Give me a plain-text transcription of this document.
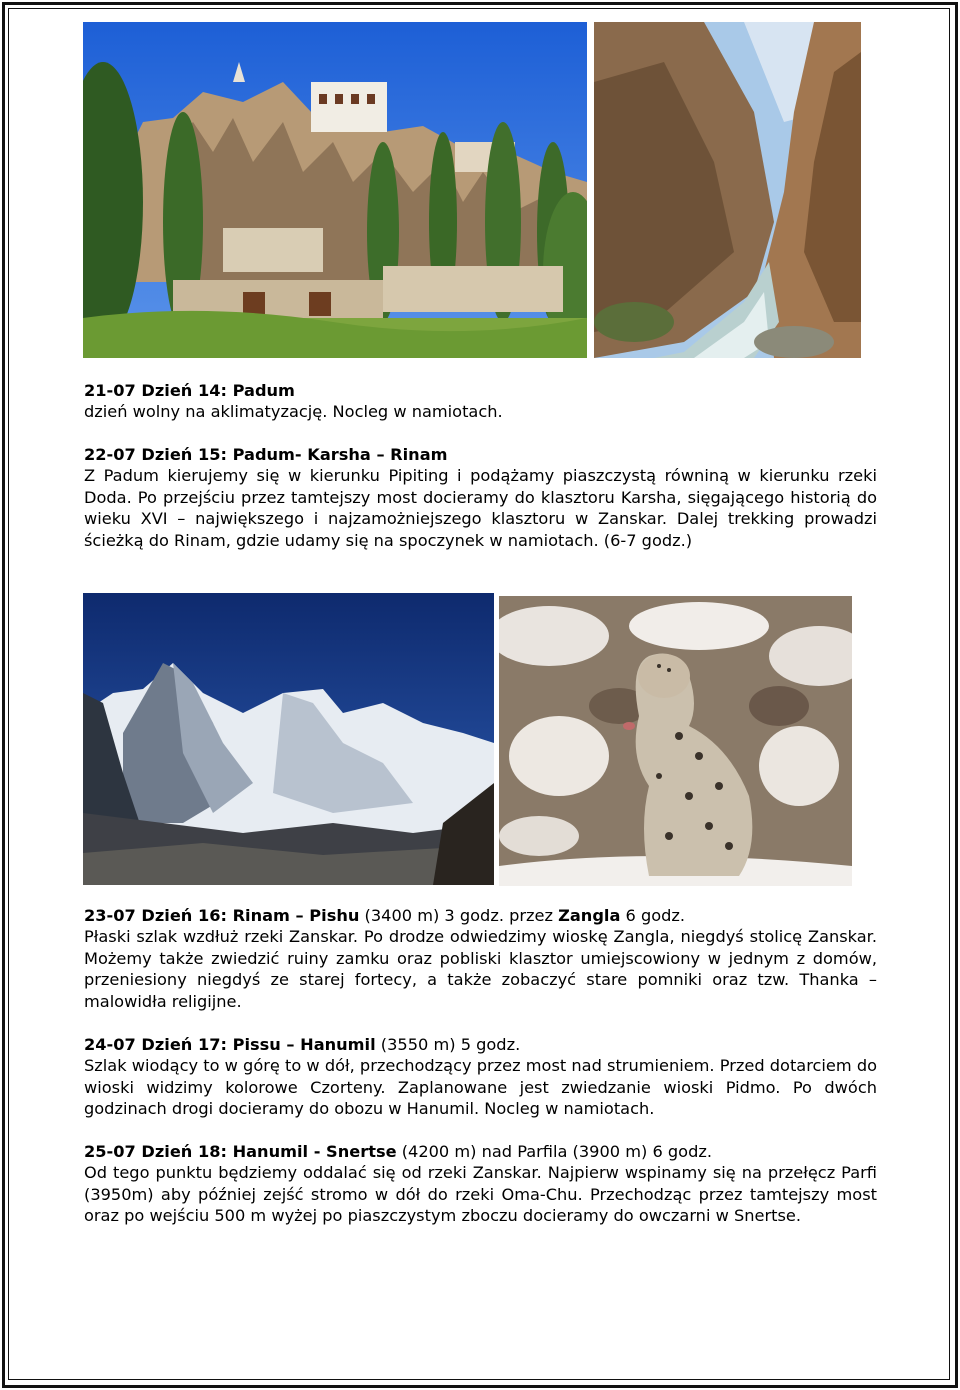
21-07 Dzień 14: Padum

dzień wolny na aklimatyzację. Nocleg w namiotach.

22-07 Dzień 15: Padum- Karsha – Rinam

Z Padum kierujemy się w kierunku Pipiting i podążamy piaszczystą równiną w kierunku rzeki Doda. Po przejściu przez tamtejszy most docieramy do klasztoru Karsha, sięgającego historią do wieku XVI – największego i najzamożniejszego klasztoru w Zanskar. Dalej trekking prowadzi ścieżką do Rinam, gdzie udamy się na spoczynek w namiotach. (6-7 godz.)

23-07 Dzień 16: Rinam – Pishu (3400 m) 3 godz. przez Zangla 6 godz.

Płaski szlak wzdłuż rzeki Zanskar. Po drodze odwiedzimy wioskę Zangla, niegdyś stolicę Zanskar. Możemy także zwiedzić ruiny zamku oraz pobliski klasztor umiejscowiony w jednym z domów, przeniesiony niegdyś ze starej fortecy, a także zobaczyć stare pomniki oraz tzw. Thanka – malowidła religijne.

24-07 Dzień 17: Pissu – Hanumil (3550 m) 5 godz.

Szlak wiodący to w górę to w dół, przechodzący przez most nad strumieniem. Przed dotarciem do wioski widzimy kolorowe Czorteny. Zaplanowane jest zwiedzanie wioski Pidmo. Po dwóch godzinach drogi docieramy do obozu w Hanumil. Nocleg w namiotach.

25-07 Dzień 18: Hanumil - Snertse (4200 m) nad Parfila (3900 m) 6 godz.

Od tego punktu będziemy oddalać się od rzeki Zanskar. Najpierw wspinamy się na przełęcz Parfi (3950m) aby później zejść stromo w dół do rzeki Oma-Chu. Przechodząc przez tamtejszy most oraz po wejściu 500 m wyżej po piaszczystym zboczu docieramy do owczarni w Snertse.
